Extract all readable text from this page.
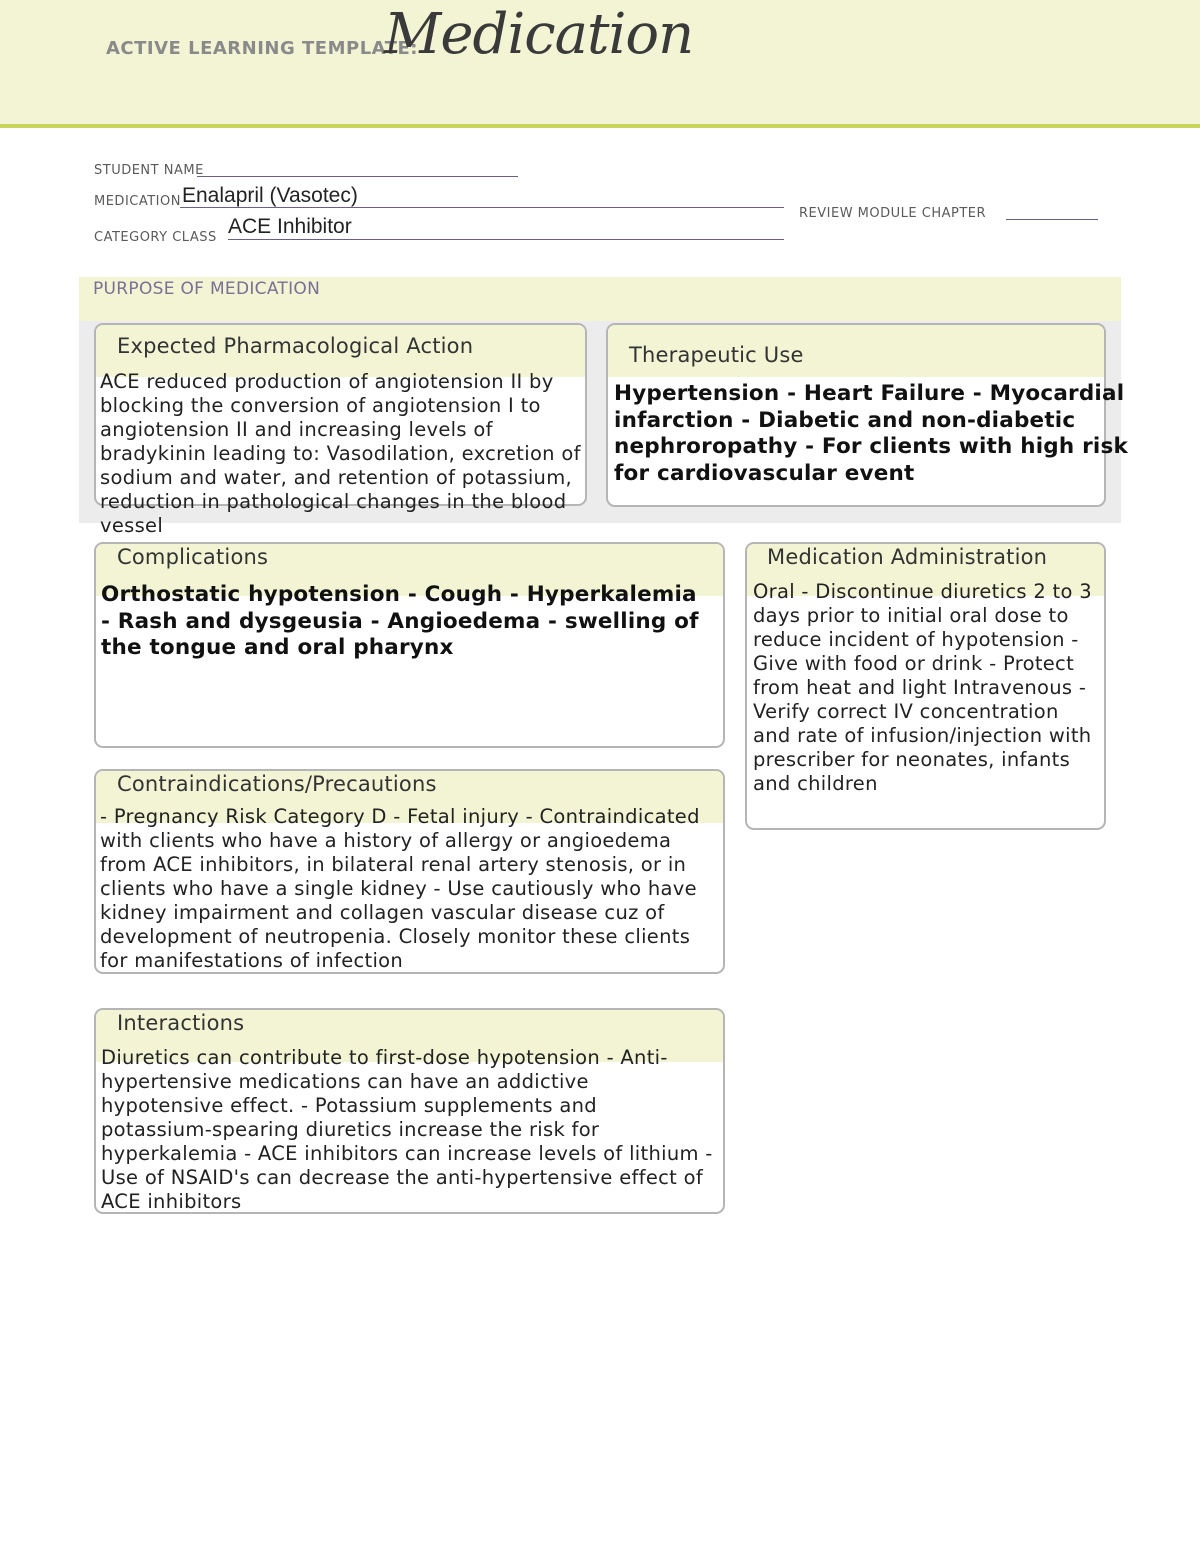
ACTIVE LEARNING TEMPLATE:
Medication
STUDENT NAME
MEDICATION Enalapril (Vasotec)
CATEGORY CLASS ACE Inhibitor
REVIEW MODULE CHAPTER
PURPOSE OF MEDICATION
Expected Pharmacological Action
ACE reduced production of angiotension II by blocking the conversion of angiotension I to angiotension II and increasing levels of bradykinin leading to: Vasodilation, excretion of sodium and water, and retention of potassium, reduction in pathological changes in the blood vessel
Therapeutic Use
Hypertension - Heart Failure - Myocardial infarction - Diabetic and non-diabetic nephroropathy - For clients with high risk for cardiovascular event
Complications
Orthostatic hypotension - Cough - Hyperkalemia - Rash and dysgeusia - Angioedema - swelling of the tongue and oral pharynx
Medication Administration
Oral - Discontinue diuretics 2 to 3 days prior to initial oral dose to reduce incident of hypotension - Give with food or drink - Protect from heat and light Intravenous - Verify correct IV concentration and rate of infusion/injection with prescriber for neonates, infants and children
Contraindications/Precautions
- Pregnancy Risk Category D - Fetal injury - Contraindicated with clients who have a history of allergy or angioedema from ACE inhibitors, in bilateral renal artery stenosis, or in clients who have a single kidney - Use cautiously who have kidney impairment and collagen vascular disease cuz of development of neutropenia. Closely monitor these clients for manifestations of infection
Interactions
Diuretics can contribute to first-dose hypotension - Anti-hypertensive medications can have an addictive hypotensive effect. - Potassium supplements and potassium-spearing diuretics increase the risk for hyperkalemia - ACE inhibitors can increase levels of lithium - Use of NSAID's can decrease the anti-hypertensive effect of ACE inhibitors
